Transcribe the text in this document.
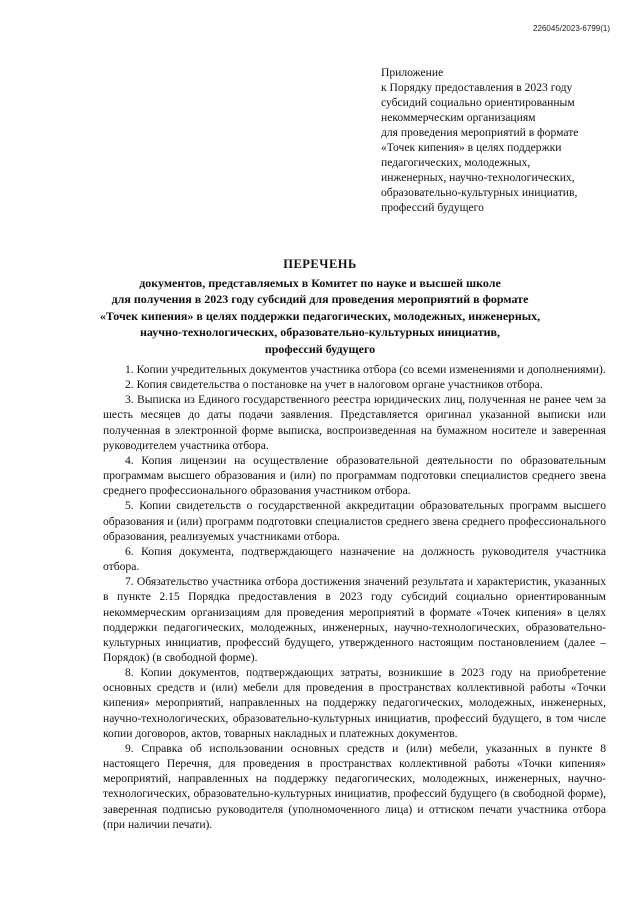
226045/2023-6799(1)
Приложение
к Порядку предоставления в 2023 году
субсидий социально ориентированным
некоммерческим организациям
для проведения мероприятий в формате
«Точек кипения» в целях поддержки
педагогических, молодежных,
инженерных, научно-технологических,
образовательно-культурных инициатив,
профессий будущего
ПЕРЕЧЕНЬ
документов, представляемых в Комитет по науке и высшей школе
для получения в 2023 году субсидий для проведения мероприятий в формате
«Точек кипения» в целях поддержки педагогических, молодежных, инженерных,
научно-технологических, образовательно-культурных инициатив,
профессий будущего

1. Копии учредительных документов участника отбора (со всеми изменениями и дополнениями).

2. Копия свидетельства о постановке на учет в налоговом органе участников отбора.

3. Выписка из Единого государственного реестра юридических лиц, полученная не ранее чем за шесть месяцев до даты подачи заявления. Представляется оригинал указанной выписки или полученная в электронной форме выписка, воспроизведенная на бумажном носителе и заверенная руководителем участника отбора.

4. Копия лицензии на осуществление образовательной деятельности по образовательным программам высшего образования и (или) по программам подготовки специалистов среднего звена среднего профессионального образования участником отбора.

5. Копии свидетельств о государственной аккредитации образовательных программ высшего образования и (или) программ подготовки специалистов среднего звена среднего профессионального образования, реализуемых участниками отбора.

6. Копия документа, подтверждающего назначение на должность руководителя участника отбора.

7. Обязательство участника отбора достижения значений результата и характеристик, указанных в пункте 2.15 Порядка предоставления в 2023 году субсидий социально ориентированным некоммерческим организациям для проведения мероприятий в формате «Точек кипения» в целях поддержки педагогических, молодежных, инженерных, научно-технологических, образовательно-культурных инициатив, профессий будущего, утвержденного настоящим постановлением (далее – Порядок) (в свободной форме).

8. Копии документов, подтверждающих затраты, возникшие в 2023 году на приобретение основных средств и (или) мебели для проведения в пространствах коллективной работы «Точки кипения» мероприятий, направленных на поддержку педагогических, молодежных, инженерных, научно-технологических, образовательно-культурных инициатив, профессий будущего, в том числе копии договоров, актов, товарных накладных и платежных документов.

9. Справка об использовании основных средств и (или) мебели, указанных в пункте 8 настоящего Перечня, для проведения в пространствах коллективной работы «Точки кипения» мероприятий, направленных на поддержку педагогических, молодежных, инженерных, научно-технологических, образовательно-культурных инициатив, профессий будущего (в свободной форме), заверенная подписью руководителя (уполномоченного лица) и оттиском печати участника отбора (при наличии печати).
